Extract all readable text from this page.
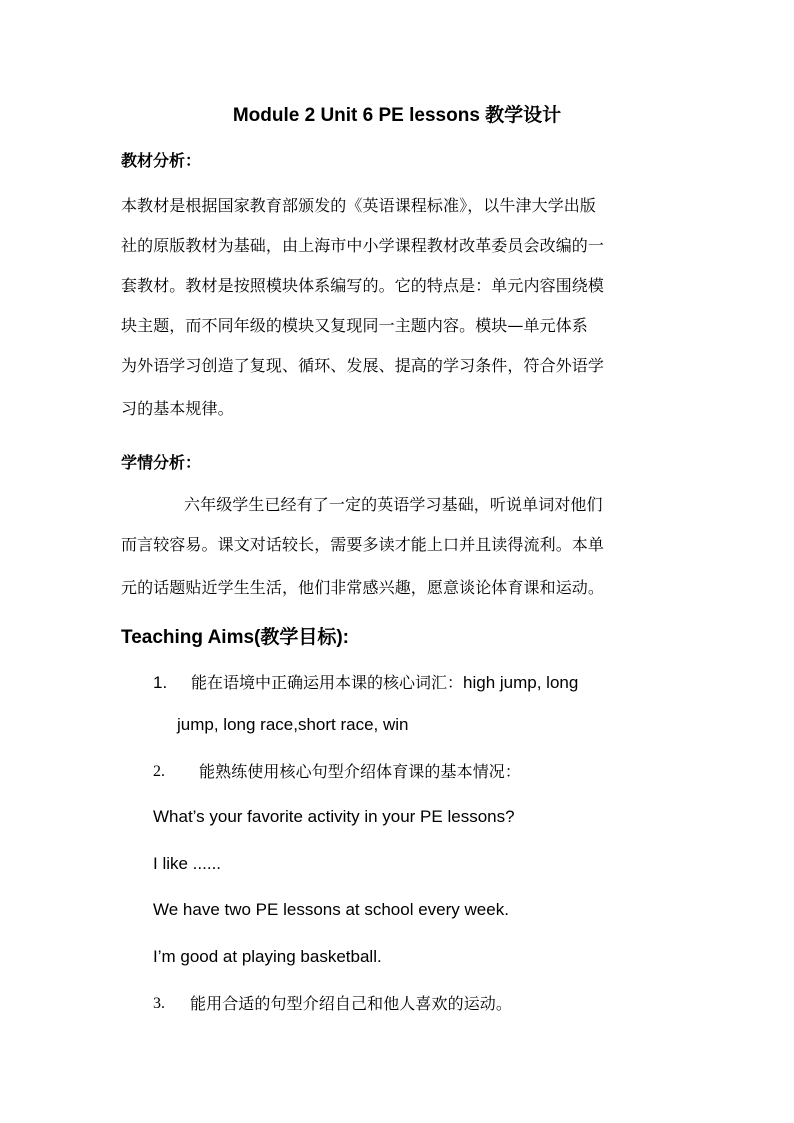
Module 2 Unit 6 PE lessons 教学设计
教材分析：
本教材是根据国家教育部颁发的《英语课程标准》，以牛津大学出版
社的原版教材为基础，由上海市中小学课程教材改革委员会改编的一
套教材。教材是按照模块体系编写的。它的特点是：单元内容围绕模
块主题，而不同年级的模块又复现同一主题内容。模块—单元体系
为外语学习创造了复现、循环、发展、提高的学习条件，符合外语学
习的基本规律。
学情分析：
六年级学生已经有了一定的英语学习基础，听说单词对他们
而言较容易。课文对话较长，需要多读才能上口并且读得流利。本单
元的话题贴近学生生活，他们非常感兴趣，愿意谈论体育课和运动。
Teaching Aims(教学目标):
1. 能在语境中正确运用本课的核心词汇：high jump, long
jump, long race,short race, win
2. 能熟练使用核心句型介绍体育课的基本情况：
What’s your favorite activity in your PE lessons?
I like ......
We have two PE lessons at school every week.
I’m good at playing basketball.
3. 能用合适的句型介绍自己和他人喜欢的运动。
